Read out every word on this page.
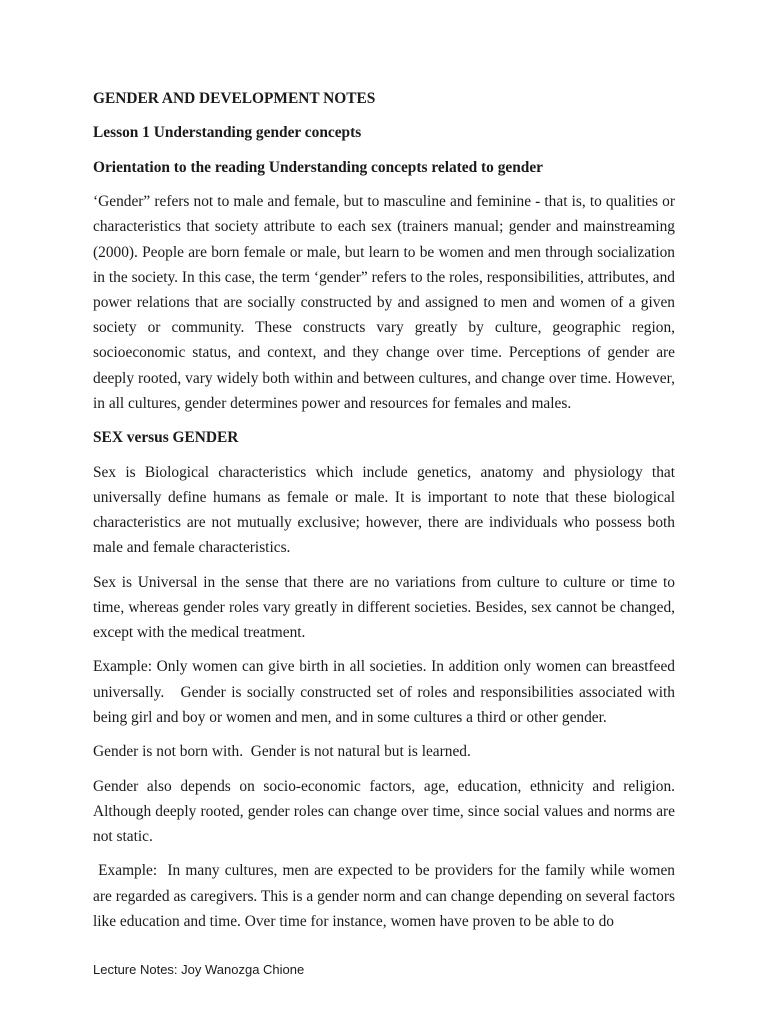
GENDER AND DEVELOPMENT NOTES
Lesson 1 Understanding gender concepts
Orientation to the reading Understanding concepts related to gender

‘Gender” refers not to male and female, but to masculine and feminine - that is, to qualities or characteristics that society attribute to each sex (trainers manual; gender and mainstreaming (2000). People are born female or male, but learn to be women and men through socialization in the society. In this case, the term ‘gender” refers to the roles, responsibilities, attributes, and power relations that are socially constructed by and assigned to men and women of a given society or community. These constructs vary greatly by culture, geographic region, socioeconomic status, and context, and they change over time. Perceptions of gender are deeply rooted, vary widely both within and between cultures, and change over time. However, in all cultures, gender determines power and resources for females and males.

SEX versus GENDER

Sex is Biological characteristics which include genetics, anatomy and physiology that universally define humans as female or male. It is important to note that these biological characteristics are not mutually exclusive; however, there are individuals who possess both male and female characteristics.

Sex is Universal in the sense that there are no variations from culture to culture or time to time, whereas gender roles vary greatly in different societies. Besides, sex cannot be changed, except with the medical treatment.

Example: Only women can give birth in all societies. In addition only women can breastfeed universally.   Gender is socially constructed set of roles and responsibilities associated with being girl and boy or women and men, and in some cultures a third or other gender.

Gender is not born with.  Gender is not natural but is learned.

Gender also depends on socio-economic factors, age, education, ethnicity and religion. Although deeply rooted, gender roles can change over time, since social values and norms are not static.

Example:  In many cultures, men are expected to be providers for the family while women are regarded as caregivers. This is a gender norm and can change depending on several factors like education and time. Over time for instance, women have proven to be able to do

Lecture Notes: Joy Wanozga Chione
